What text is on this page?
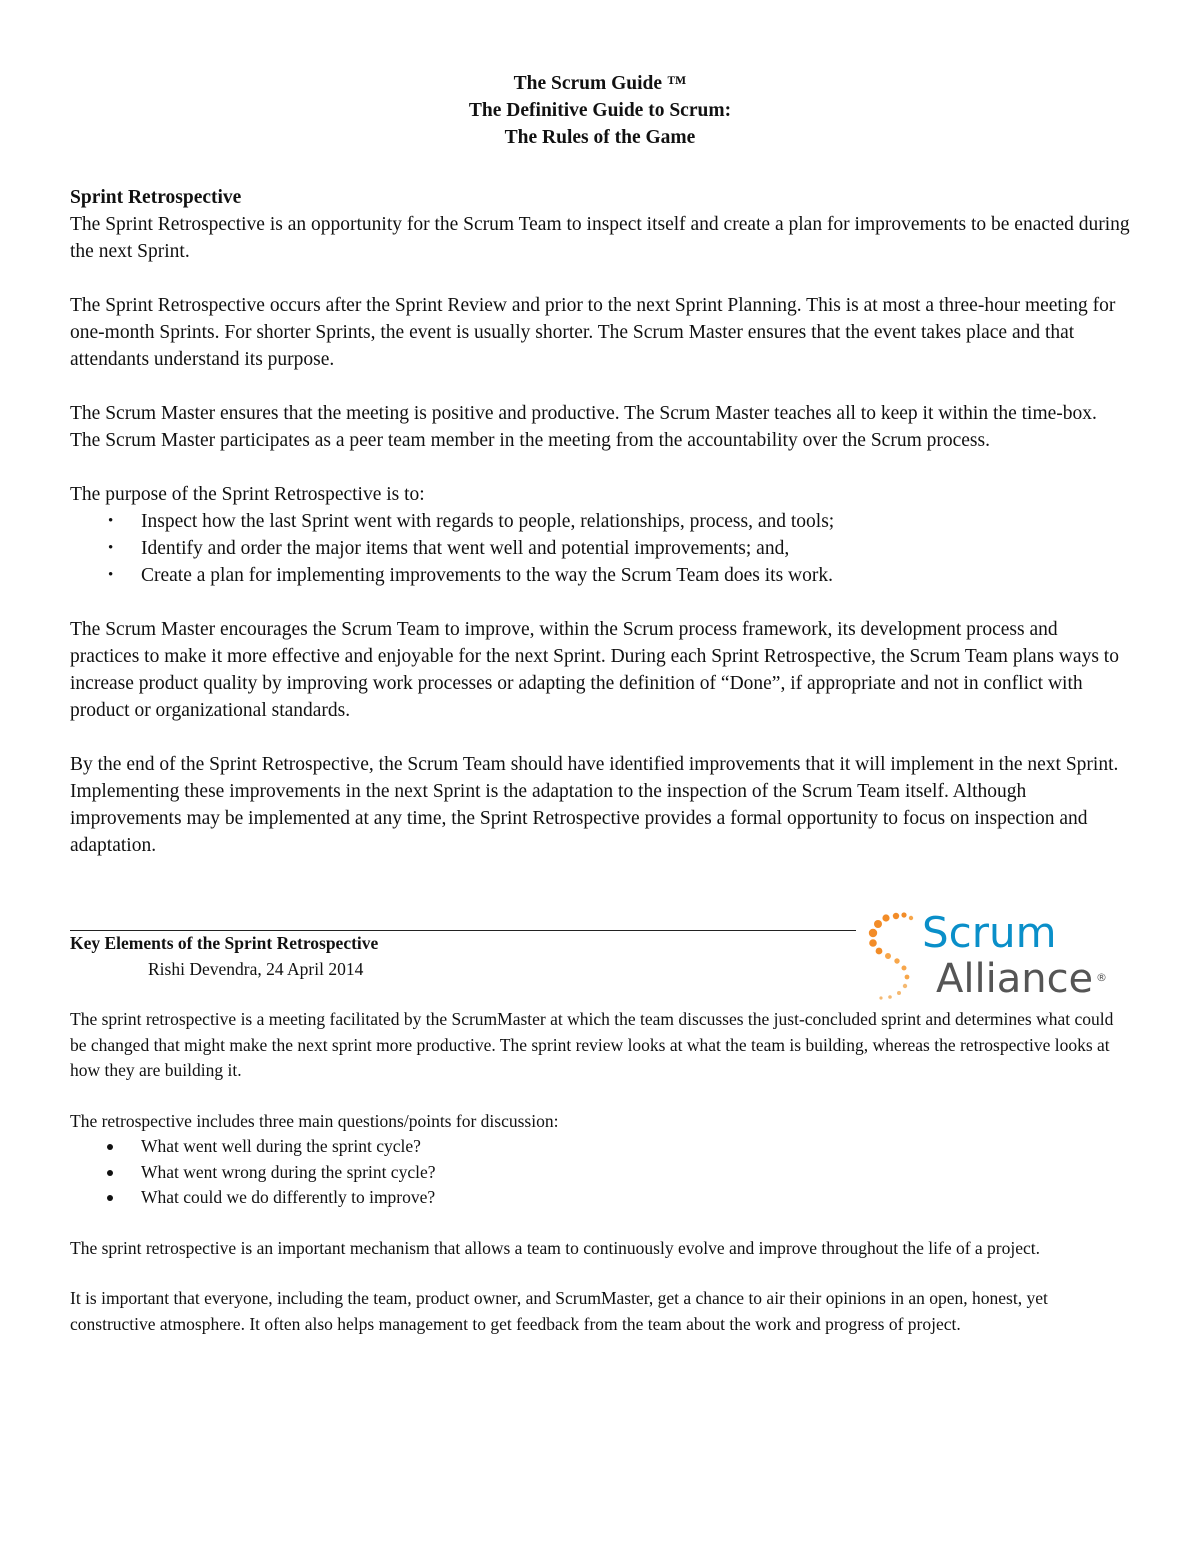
The Scrum Guide ™
The Definitive Guide to Scrum:
The Rules of the Game
Sprint Retrospective

The Sprint Retrospective is an opportunity for the Scrum Team to inspect itself and create a plan for improvements to be enacted during the next Sprint.

The Sprint Retrospective occurs after the Sprint Review and prior to the next Sprint Planning. This is at most a three-hour meeting for one-month Sprints. For shorter Sprints, the event is usually shorter. The Scrum Master ensures that the event takes place and that attendants understand its purpose.

The Scrum Master ensures that the meeting is positive and productive. The Scrum Master teaches all to keep it within the time-box. The Scrum Master participates as a peer team member in the meeting from the accountability over the Scrum process.

The purpose of the Sprint Retrospective is to:

• Inspect how the last Sprint went with regards to people, relationships, process, and tools;
• Identify and order the major items that went well and potential improvements; and,
• Create a plan for implementing improvements to the way the Scrum Team does its work.

The Scrum Master encourages the Scrum Team to improve, within the Scrum process framework, its development process and practices to make it more effective and enjoyable for the next Sprint. During each Sprint Retrospective, the Scrum Team plans ways to increase product quality by improving work processes or adapting the definition of “Done”, if appropriate and not in conflict with product or organizational standards.

By the end of the Sprint Retrospective, the Scrum Team should have identified improvements that it will implement in the next Sprint. Implementing these improvements in the next Sprint is the adaptation to the inspection of the Scrum Team itself. Although improvements may be implemented at any time, the Sprint Retrospective provides a formal opportunity to focus on inspection and adaptation.

Key Elements of the Sprint Retrospective
Rishi Devendra, 24 April 2014

The sprint retrospective is a meeting facilitated by the ScrumMaster at which the team discusses the just-concluded sprint and determines what could be changed that might make the next sprint more productive. The sprint review looks at what the team is building, whereas the retrospective looks at how they are building it.

The retrospective includes three main questions/points for discussion:

What went well during the sprint cycle?
What went wrong during the sprint cycle?
What could we do differently to improve?

The sprint retrospective is an important mechanism that allows a team to continuously evolve and improve throughout the life of a project.

It is important that everyone, including the team, product owner, and ScrumMaster, get a chance to air their opinions in an open, honest, yet constructive atmosphere. It often also helps management to get feedback from the team about the work and progress of project.

Scrum
Alliance ®
